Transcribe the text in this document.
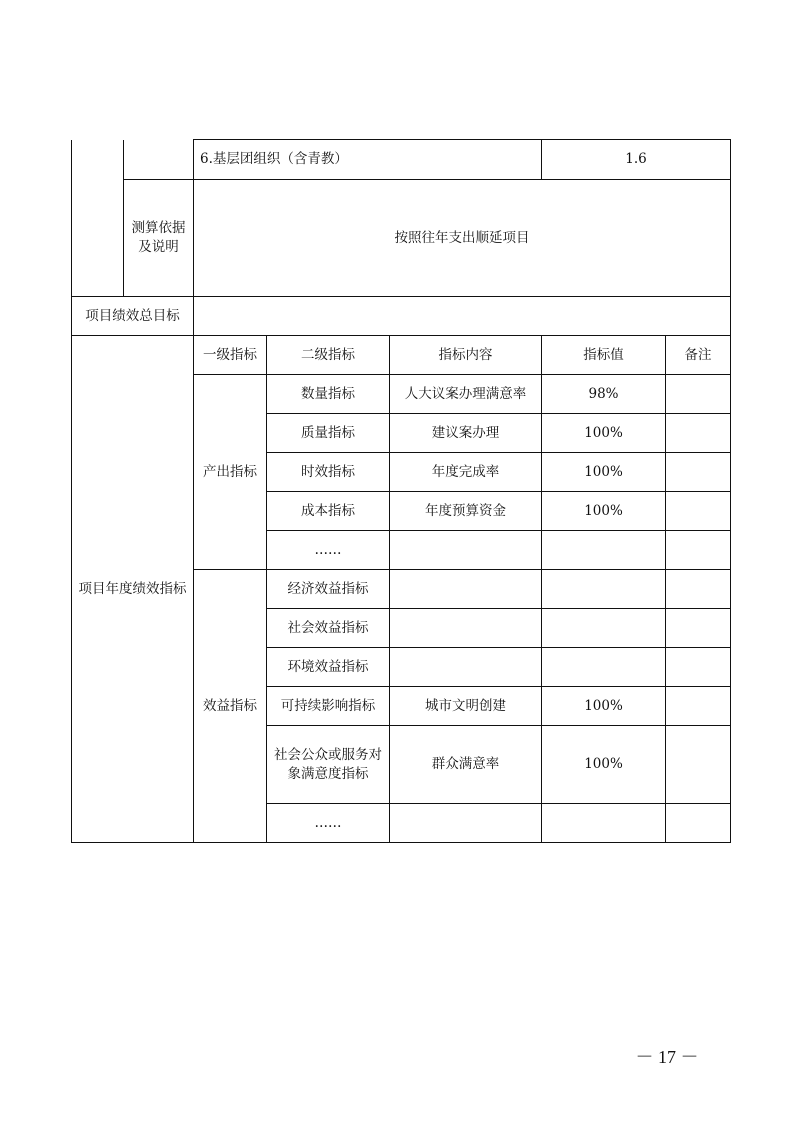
		6.基层团组织（含青教）			1.6	
	测算依据及说明	按照往年支出顺延项目				
项目绩效总目标						
项目年度绩效指标		一级指标	二级指标	指标内容	指标值	备注
		产出指标	数量指标	人大议案办理满意率	98%	
			质量指标	建议案办理	100%	
			时效指标	年度完成率	100%	
			成本指标	年度预算资金	100%	
			……			
		效益指标	经济效益指标			
			社会效益指标			
			环境效益指标			
			可持续影响指标	城市文明创建	100%	
			社会公众或服务对象满意度指标	群众满意率	100%	
			……			
－ 17 －
